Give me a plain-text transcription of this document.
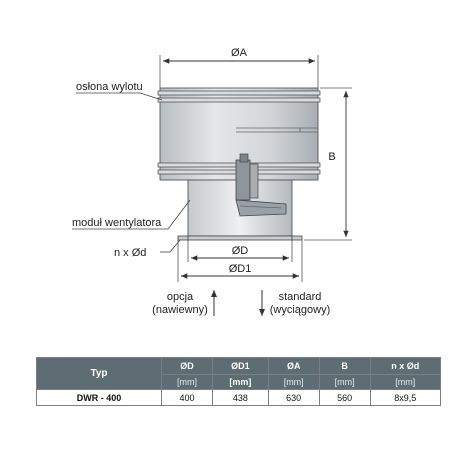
ØA
B
ØD
ØD1
osłona wylotu
moduł wentylatora
n x Ød
opcja
(nawiewny)
standard
(wyciągowy)
Typ	ØD	ØD1	ØA	B	n x Ød
	[mm]	[mm]	[mm]	[mm]	[mm]
DWR - 400	400	438	630	560	8x9,5
